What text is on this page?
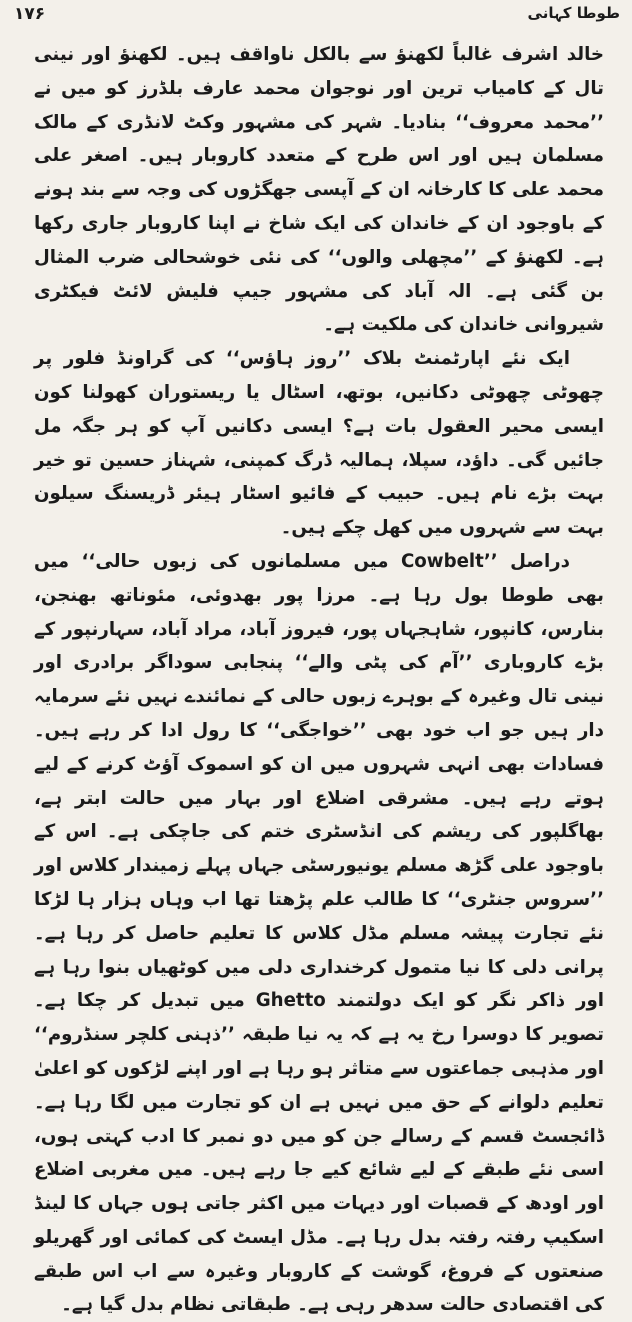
۱۷۶	طوطا کہانی

خالد اشرف غالباً لکھنؤ سے بالکل ناواقف ہیں۔ لکھنؤ اور نینی تال کے کامیاب ترین اور نوجوان محمد عارف بلڈرز کو میں نے ’’محمد معروف‘‘ بنادیا۔ شہر کی مشہور وکٹ لانڈری کے مالک مسلمان ہیں اور اس طرح کے متعدد کاروبار ہیں۔ اصغر علی محمد علی کا کارخانہ ان کے آپسی جھگڑوں کی وجہ سے بند ہونے کے باوجود ان کے خاندان کی ایک شاخ نے اپنا کاروبار جاری رکھا ہے۔ لکھنؤ کے ’’مچھلی والوں‘‘ کی نئی خوشحالی ضرب المثال بن گئی ہے۔ الہ آباد کی مشہور جیپ فلیش لائٹ فیکٹری شیروانی خاندان کی ملکیت ہے۔

ایک نئے اپارٹمنٹ بلاک ’’روز ہاؤس‘‘ کی گراونڈ فلور پر چھوٹی چھوٹی دکانیں، بوتھ، اسٹال یا ریستوران کھولنا کون ایسی محیر العقول بات ہے؟ ایسی دکانیں آپ کو ہر جگہ مل جائیں گی۔ داؤد، سپلا، ہمالیہ ڈرگ کمپنی، شہناز حسین تو خیر بہت بڑے نام ہیں۔ حبیب کے فائیو اسٹار ہیئر ڈریسنگ سیلون بہت سے شہروں میں کھل چکے ہیں۔

دراصل ’’Cowbelt میں مسلمانوں کی زبوں حالی‘‘ میں بھی طوطا بول رہا ہے۔ مرزا پور بھدوئی، مئوناتھ بھنجن، بنارس، کانپور، شاہجہاں پور، فیروز آباد، مراد آباد، سہارنپور کے بڑے کاروباری ’’آم کی پٹی والے‘‘ پنجابی سوداگر برادری اور نینی تال وغیرہ کے بوہرے زبوں حالی کے نمائندے نہیں نئے سرمایہ دار ہیں جو اب خود بھی ’’خواجگی‘‘ کا رول ادا کر رہے ہیں۔ فسادات بھی انہی شہروں میں ان کو اسموک آؤٹ کرنے کے لیے ہوتے رہے ہیں۔ مشرقی اضلاع اور بہار میں حالت ابتر ہے، بھاگلپور کی ریشم کی انڈسٹری ختم کی جاچکی ہے۔ اس کے باوجود علی گڑھ مسلم یونیورسٹی جہاں پہلے زمیندار کلاس اور ’’سروس جنٹری‘‘ کا طالب علم پڑھتا تھا اب وہاں ہزار ہا لڑکا نئے تجارت پیشہ مسلم مڈل کلاس کا تعلیم حاصل کر رہا ہے۔ پرانی دلی کا نیا متمول کرخنداری دلی میں کوٹھیاں بنوا رہا ہے اور ذاکر نگر کو ایک دولتمند Ghetto میں تبدیل کر چکا ہے۔ تصویر کا دوسرا رخ یہ ہے کہ یہ نیا طبقہ ’’ذہنی کلچر سنڈروم‘‘ اور مذہبی جماعتوں سے متاثر ہو رہا ہے اور اپنے لڑکوں کو اعلیٰ تعلیم دلوانے کے حق میں نہیں ہے ان کو تجارت میں لگا رہا ہے۔ ڈائجسٹ قسم کے رسالے جن کو میں دو نمبر کا ادب کہتی ہوں، اسی نئے طبقے کے لیے شائع کیے جا رہے ہیں۔ میں مغربی اضلاع اور اودھ کے قصبات اور دیہات میں اکثر جاتی ہوں جہاں کا لینڈ اسکیپ رفتہ رفتہ بدل رہا ہے۔ مڈل ایسٹ کی کمائی اور گھریلو صنعتوں کے فروغ، گوشت کے کاروبار وغیرہ سے اب اس طبقے کی اقتصادی حالت سدھر رہی ہے۔ طبقاتی نظام بدل گیا ہے۔
